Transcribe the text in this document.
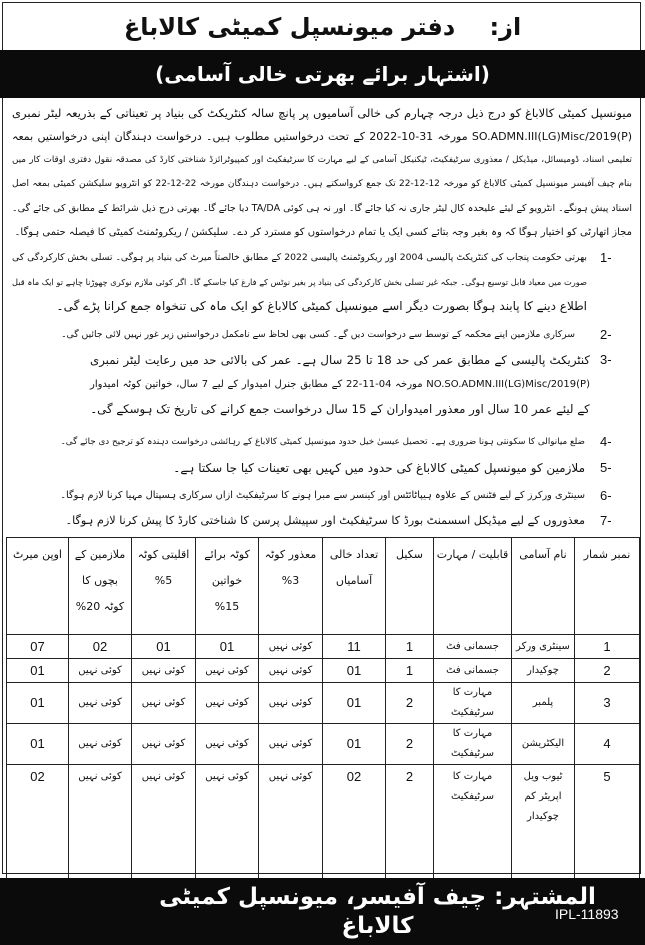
از: دفتر میونسپل کمیٹی کالاباغ
(اشتہار برائے بھرتی خالی آسامی)
میونسپل کمیٹی کالاباغ کو درج ذیل درجہ چہارم کی خالی آسامیوں پر پانچ سالہ کنٹریکٹ کی بنیاد پر تعیناتی کے بذریعہ لیٹر نمبری
SO.ADMN.III(LG)Misc/2019(P) مورخہ 31-10-2022 کے تحت درخواستیں مطلوب ہیں۔ درخواست دہندگان اپنی درخواستیں بمعہ
تعلیمی اسناد، ڈومیسائل، میڈیکل / معذوری سرٹیفکیٹ، ٹیکنیکل آسامی کے لیے مہارت کا سرٹیفکیٹ اور کمپیوٹرائزڈ شناختی کارڈ کی مصدقہ نقول دفتری اوقات کار میں
بنام چیف آفیسر میونسپل کمیٹی کالاباغ کو مورخہ 12-12-22 تک جمع کرواسکتے ہیں۔ درخواست دہندگان مورخہ 22-12-22 کو انٹرویو سلیکشن کمیٹی بمعہ اصل
اسناد پیش ہونگے۔ انٹرویو کے لیئے علیحدہ کال لیٹر جاری نہ کیا جائے گا۔ اور نہ ہی کوئی TA/DA دیا جائے گا۔ بھرتی درج ذیل شرائط کے مطابق کی جائے گی۔
مجاز اتھارٹی کو اختیار ہوگا کہ وہ بغیر وجہ بتائے کسی ایک یا تمام درخواستوں کو مسترد کر دے۔ سلیکشن / ریکروٹمنٹ کمیٹی کا فیصلہ حتمی ہوگا۔
1-
بھرتی حکومت پنجاب کی کنٹریکٹ پالیسی 2004 اور ریکروٹمنٹ پالیسی 2022 کے مطابق خالصتاً میرٹ کی بنیاد پر ہوگی۔ تسلی بخش کارکردگی کی
صورت میں معیاد قابل توسیع ہوگی۔ جبکہ غیر تسلی بخش کارکردگی کی بنیاد پر بغیر نوٹس کے فارغ کیا جاسکے گا۔ اگر کوئی ملازم نوکری چھوڑنا چاہے تو ایک ماہ قبل
اطلاع دینے کا پابند ہوگا بصورت دیگر اسے میونسپل کمیٹی کالاباغ کو ایک ماہ کی تنخواہ جمع کرانا پڑے گی۔
2-
سرکاری ملازمین اپنے محکمہ کے توسط سے درخواست دیں گے۔ کسی بھی لحاظ سے نامکمل درخواستیں زیر غور نہیں لائی جائیں گی۔
3-
کنٹریکٹ پالیسی کے مطابق عمر کی حد 18 تا 25 سال ہے۔ عمر کی بالائی حد میں رعایت لیٹر نمبری
NO.SO.ADMN.III(LG)Misc/2019(P) مورخہ 04-11-22 کے مطابق جنرل امیدوار کے لیے 7 سال، خواتین کوٹہ امیدوار
کے لیئے عمر 10 سال اور معذور امیدواران کے 15 سال درخواست جمع کرانے کی تاریخ تک ہوسکے گی۔
4-
ضلع میانوالی کا سکونتی ہونا ضروری ہے۔ تحصیل عیسیٰ خیل حدود میونسپل کمیٹی کالاباغ کے رہائشی درخواست دہندہ کو ترجیح دی جائے گی۔
5-
ملازمین کو میونسپل کمیٹی کالاباغ کی حدود میں کہیں بھی تعینات کیا جا سکتا ہے۔
6-
سینٹری ورکرز کے لیے فٹنس کے علاوہ ہیپاٹائٹس اور کینسر سے مبرا ہونے کا سرٹیفکیٹ ازاں سرکاری ہسپتال مہیا کرنا لازم ہوگا۔
7-
معذوروں کے لیے میڈیکل اسسمنٹ بورڈ کا سرٹیفکیٹ اور سپیشل پرسن کا شناختی کارڈ کا پیش کرنا لازم ہوگا۔
نمبر شمار	نام آسامی	قابلیت / مہارت	سکیل	تعداد خالی آسامیاں	معذور کوٹہ 3%	کوٹہ برائے خواتین 15%	اقلیتی کوٹہ 5%	ملازمین کے بچوں کا کوٹہ 20%	اوپن میرٹ
1	سینٹری ورکر	جسمانی فٹ	1	11	کوئی نہیں	01	01	02	07
2	چوکیدار	جسمانی فٹ	1	01	کوئی نہیں	کوئی نہیں	کوئی نہیں	کوئی نہیں	01
3	پلمبر	مہارت کا سرٹیفکیٹ	2	01	کوئی نہیں	کوئی نہیں	کوئی نہیں	کوئی نہیں	01
4	الیکٹریشن	مہارت کا سرٹیفکیٹ	2	01	کوئی نہیں	کوئی نہیں	کوئی نہیں	کوئی نہیں	01
5	ٹیوب ویل اپریٹر کم چوکیدار	مہارت کا سرٹیفکیٹ	2	02	کوئی نہیں	کوئی نہیں	کوئی نہیں	کوئی نہیں	02
المشتہر: چیف آفیسر، میونسپل کمیٹی کالاباغ	IPL-11893
